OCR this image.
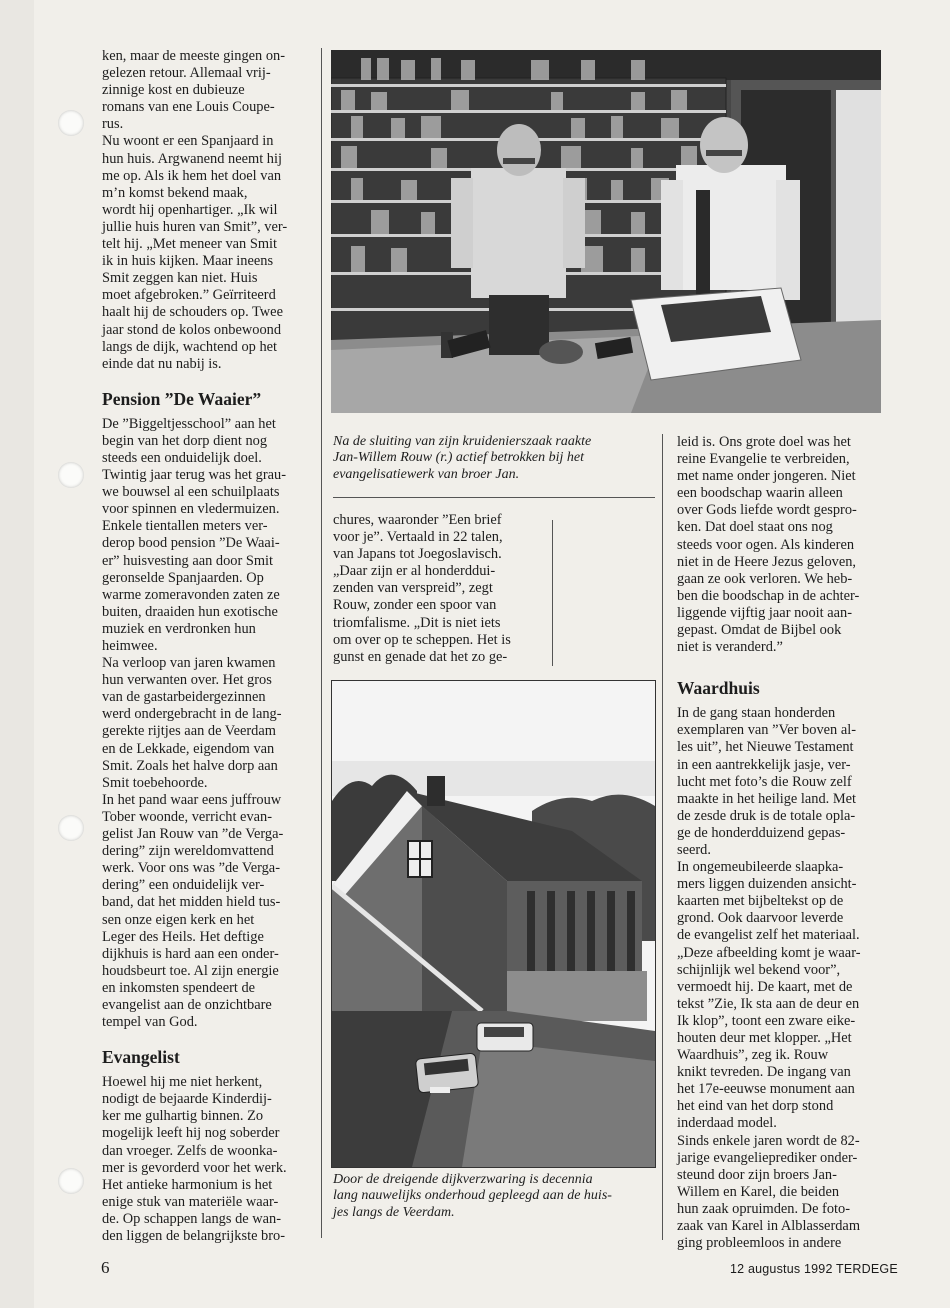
ken, maar de meeste gingen on-
gelezen retour. Allemaal vrij-
zinnige kost en dubieuze
romans van ene Louis Coupe-
rus.
Nu woont er een Spanjaard in
hun huis. Argwanend neemt hij
me op. Als ik hem het doel van
m’n komst bekend maak,
wordt hij openhartiger. „Ik wil
jullie huis huren van Smit”, ver-
telt hij. „Met meneer van Smit
ik in huis kijken. Maar ineens
Smit zeggen kan niet. Huis
moet afgebroken.” Geïrriteerd
haalt hij de schouders op. Twee
jaar stond de kolos onbewoond
langs de dijk, wachtend op het
einde dat nu nabij is.
Pension ”De Waaier”
De ”Biggeltjesschool” aan het
begin van het dorp dient nog
steeds een onduidelijk doel.
Twintig jaar terug was het grau-
we bouwsel al een schuilplaats
voor spinnen en vledermuizen.
Enkele tientallen meters ver-
derop bood pension ”De Waai-
er” huisvesting aan door Smit
geronselde Spanjaarden. Op
warme zomeravonden zaten ze
buiten, draaiden hun exotische
muziek en verdronken hun
heimwee.
Na verloop van jaren kwamen
hun verwanten over. Het gros
van de gastarbeidergezinnen
werd ondergebracht in de lang-
gerekte rijtjes aan de Veerdam
en de Lekkade, eigendom van
Smit. Zoals het halve dorp aan
Smit toebehoorde.
In het pand waar eens juffrouw
Tober woonde, verricht evan-
gelist Jan Rouw van ”de Verga-
dering” zijn wereldomvattend
werk. Voor ons was ”de Verga-
dering” een onduidelijk ver-
band, dat het midden hield tus-
sen onze eigen kerk en het
Leger des Heils. Het deftige
dijkhuis is hard aan een onder-
houdsbeurt toe. Al zijn energie
en inkomsten spendeert de
evangelist aan de onzichtbare
tempel van God.
Evangelist
Hoewel hij me niet herkent,
nodigt de bejaarde Kinderdij-
ker me gulhartig binnen. Zo
mogelijk leeft hij nog soberder
dan vroeger. Zelfs de woonka-
mer is gevorderd voor het werk.
Het antieke harmonium is het
enige stuk van materiële waar-
de. Op schappen langs de wan-
den liggen de belangrijkste bro-

Na de sluiting van zijn kruidenierszaak raakte
Jan-Willem Rouw (r.) actief betrokken bij het
evangelisatiewerk van broer Jan.

chures, waaronder ”Een brief
voor je”. Vertaald in 22 talen,
van Japans tot Joegoslavisch.
„Daar zijn er al honderddui-
zenden van verspreid”, zegt
Rouw, zonder een spoor van
triomfalisme. „Dit is niet iets
om over op te scheppen. Het is
gunst en genade dat het zo ge-

Door de dreigende dijkverzwaring is decennia
lang nauwelijks onderhoud gepleegd aan de huis-
jes langs de Veerdam.

leid is. Ons grote doel was het
reine Evangelie te verbreiden,
met name onder jongeren. Niet
een boodschap waarin alleen
over Gods liefde wordt gespro-
ken. Dat doel staat ons nog
steeds voor ogen. Als kinderen
niet in de Heere Jezus geloven,
gaan ze ook verloren. We heb-
ben die boodschap in de achter-
liggende vijftig jaar nooit aan-
gepast. Omdat de Bijbel ook
niet is veranderd.”
Waardhuis
In de gang staan honderden
exemplaren van ”Ver boven al-
les uit”, het Nieuwe Testament
in een aantrekkelijk jasje, ver-
lucht met foto’s die Rouw zelf
maakte in het heilige land. Met
de zesde druk is de totale opla-
ge de honderdduizend gepas-
seerd.
In ongemeubileerde slaapka-
mers liggen duizenden ansicht-
kaarten met bijbeltekst op de
grond. Ook daarvoor leverde
de evangelist zelf het materiaal.
„Deze afbeelding komt je waar-
schijnlijk wel bekend voor”,
vermoedt hij. De kaart, met de
tekst ”Zie, Ik sta aan de deur en
Ik klop”, toont een zware eike-
houten deur met klopper. „Het
Waardhuis”, zeg ik. Rouw
knikt tevreden. De ingang van
het 17e-eeuwse monument aan
het eind van het dorp stond
inderdaad model.
Sinds enkele jaren wordt de 82-
jarige evangelieprediker onder-
steund door zijn broers Jan-
Willem en Karel, die beiden
hun zaak opruimden. De foto-
zaak van Karel in Alblasserdam
ging probleemloos in andere
6	12 augustus 1992 TERDEGE
